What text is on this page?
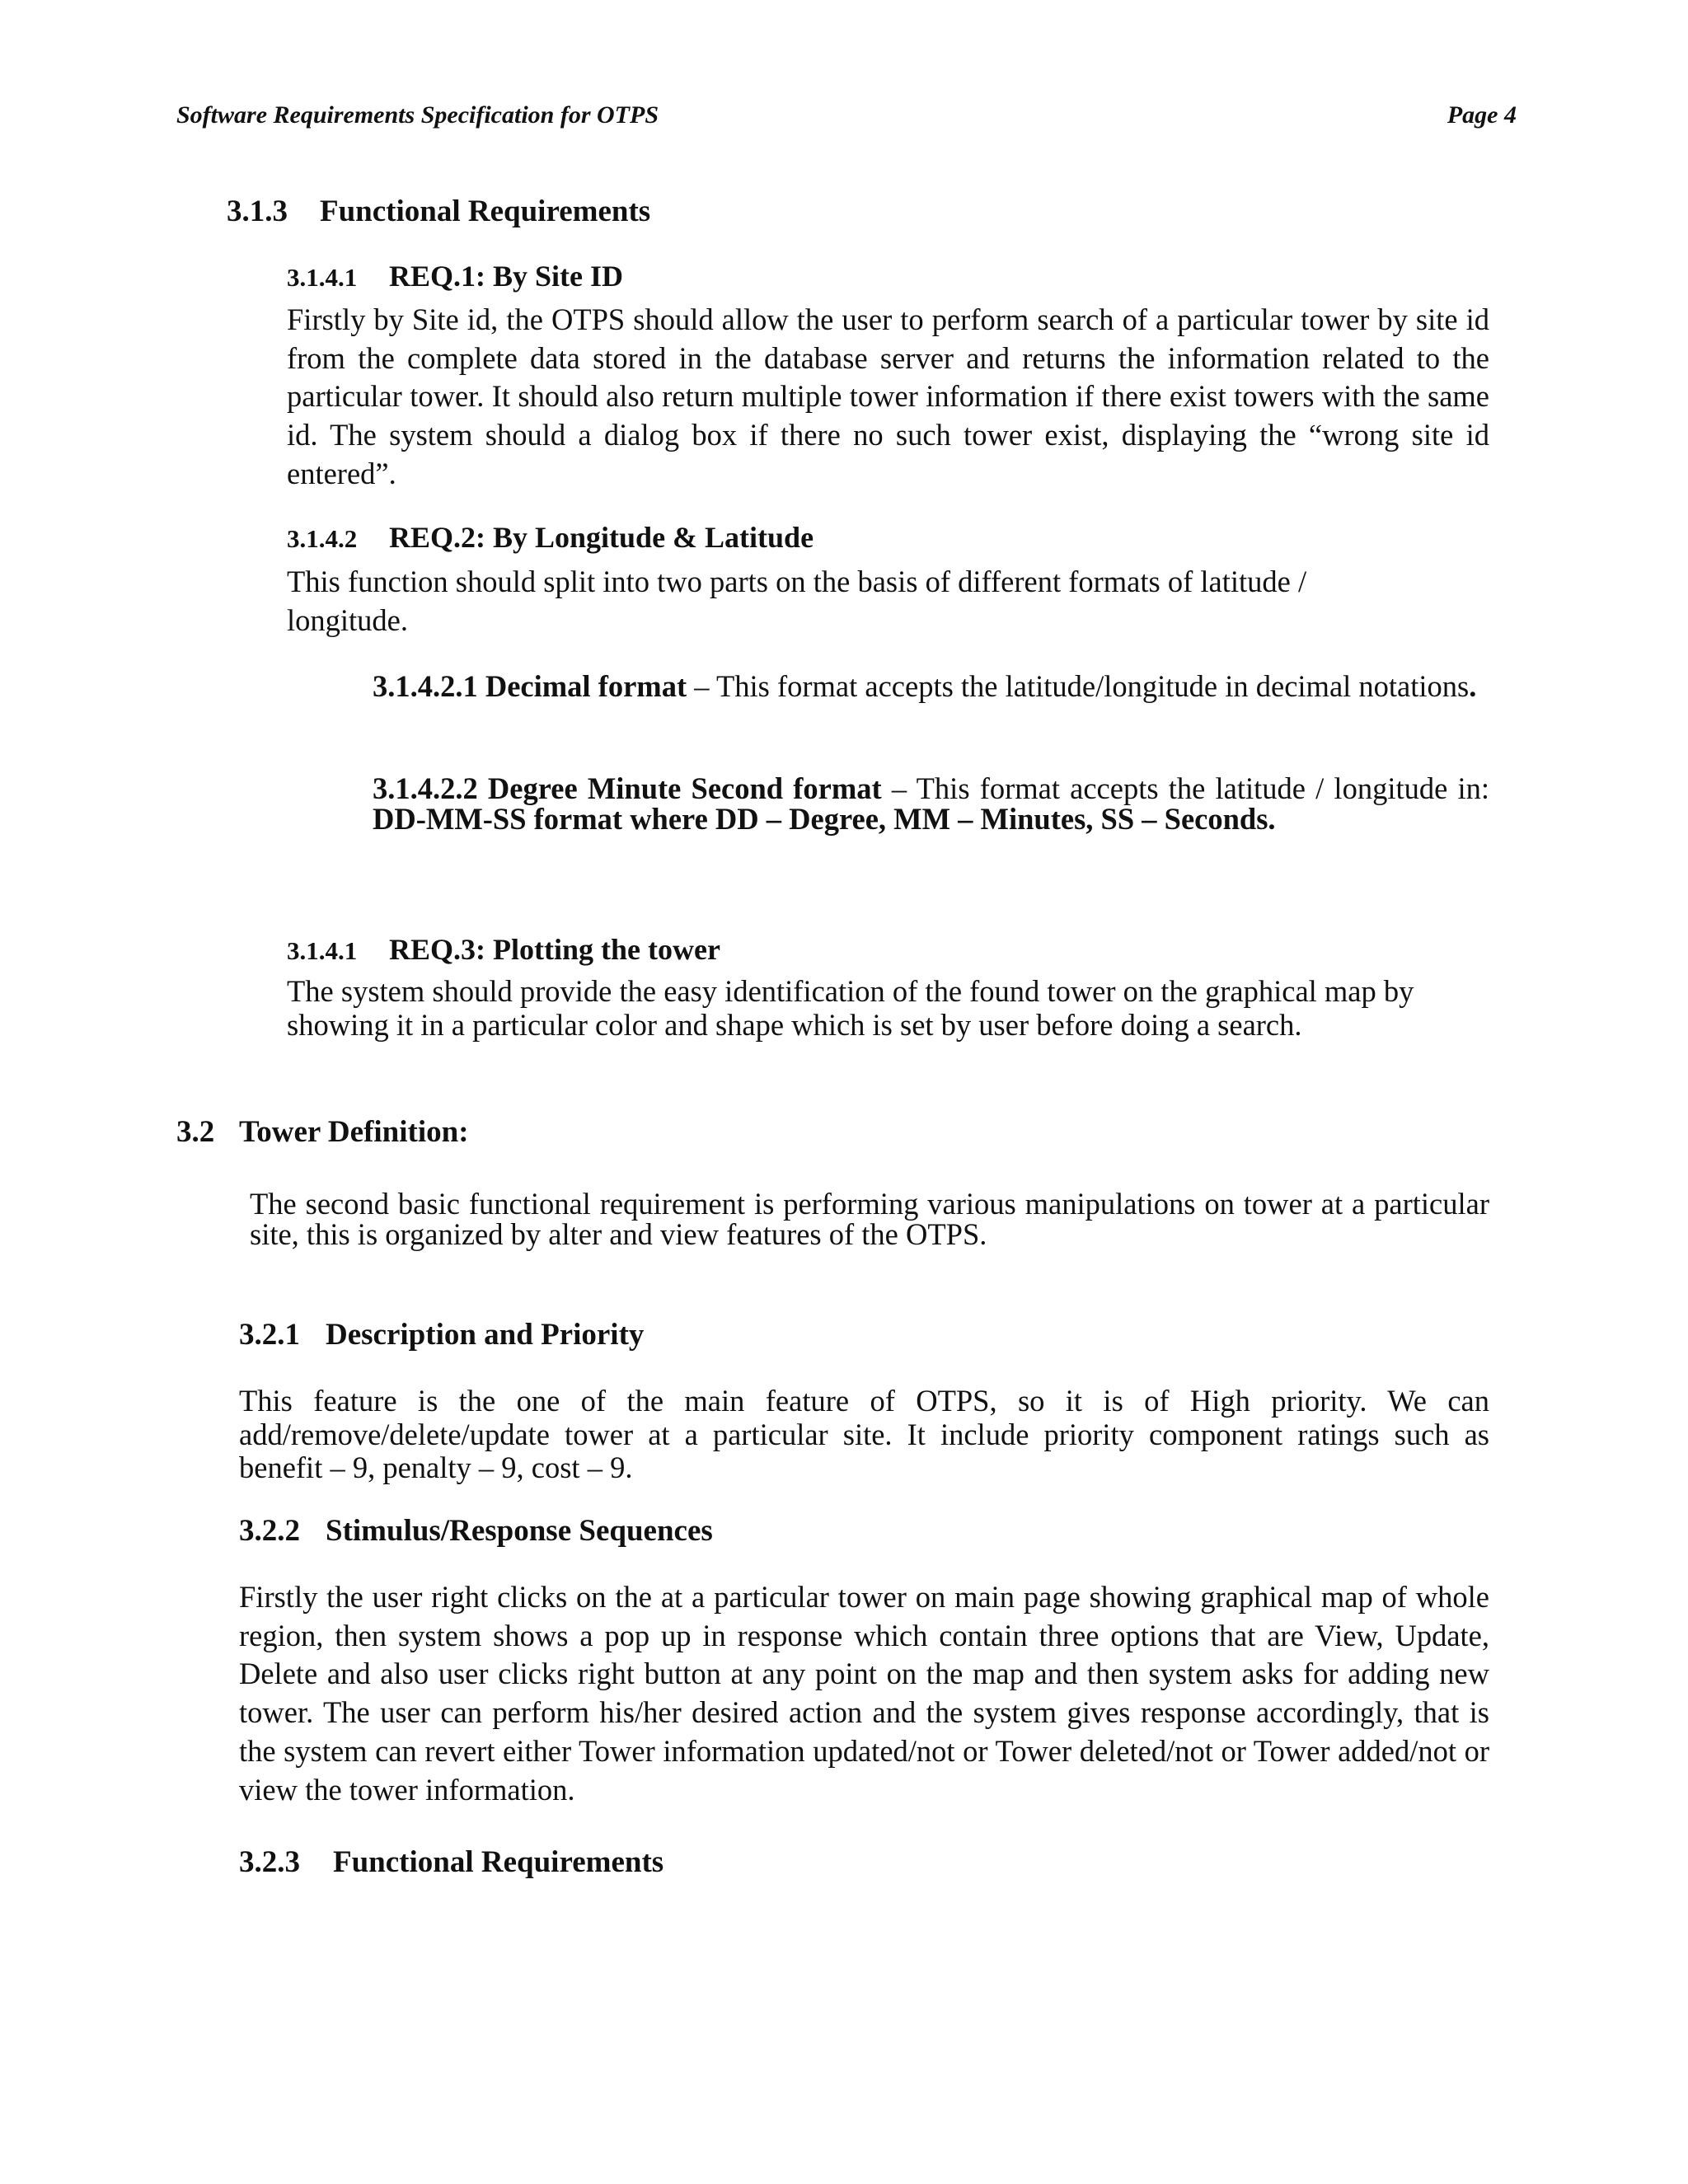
Software Requirements Specification for OTPS	Page 4
3.1.3 Functional Requirements
3.1.4.1 REQ.1: By Site ID

Firstly by Site id, the OTPS should allow the user to perform search of a particular tower by site id from the complete data stored in the database server and returns the information related to the particular tower. It should also return multiple tower information if there exist towers with the same id. The system should a dialog box if there no such tower exist, displaying the “wrong site id entered”.

3.1.4.2 REQ.2: By Longitude & Latitude

This function should split into two parts on the basis of different formats of latitude / longitude.

3.1.4.2.1 Decimal format – This format accepts the latitude/longitude in decimal notations.

3.1.4.2.2 Degree Minute Second format – This format accepts the latitude / longitude in: DD-MM-SS format where DD – Degree, MM – Minutes, SS – Seconds.

3.1.4.1 REQ.3: Plotting the tower

The system should provide the easy identification of the found tower on the graphical map by showing it in a particular color and shape which is set by user before doing a search.

3.2 Tower Definition:

The second basic functional requirement is performing various manipulations on tower at a particular site, this is organized by alter and view features of the OTPS.

3.2.1 Description and Priority

This feature is the one of the main feature of OTPS, so it is of High priority. We can add/remove/delete/update tower at a particular site. It include priority component ratings such as benefit – 9, penalty – 9, cost – 9.

3.2.2 Stimulus/Response Sequences

Firstly the user right clicks on the at a particular tower on main page showing graphical map of whole region, then system shows a pop up in response which contain three options that are View, Update, Delete and also user clicks right button at any point on the map and then system asks for adding new tower. The user can perform his/her desired action and the system gives response accordingly, that is the system can revert either Tower information updated/not or Tower deleted/not or Tower added/not or view the tower information.

3.2.3 Functional Requirements
